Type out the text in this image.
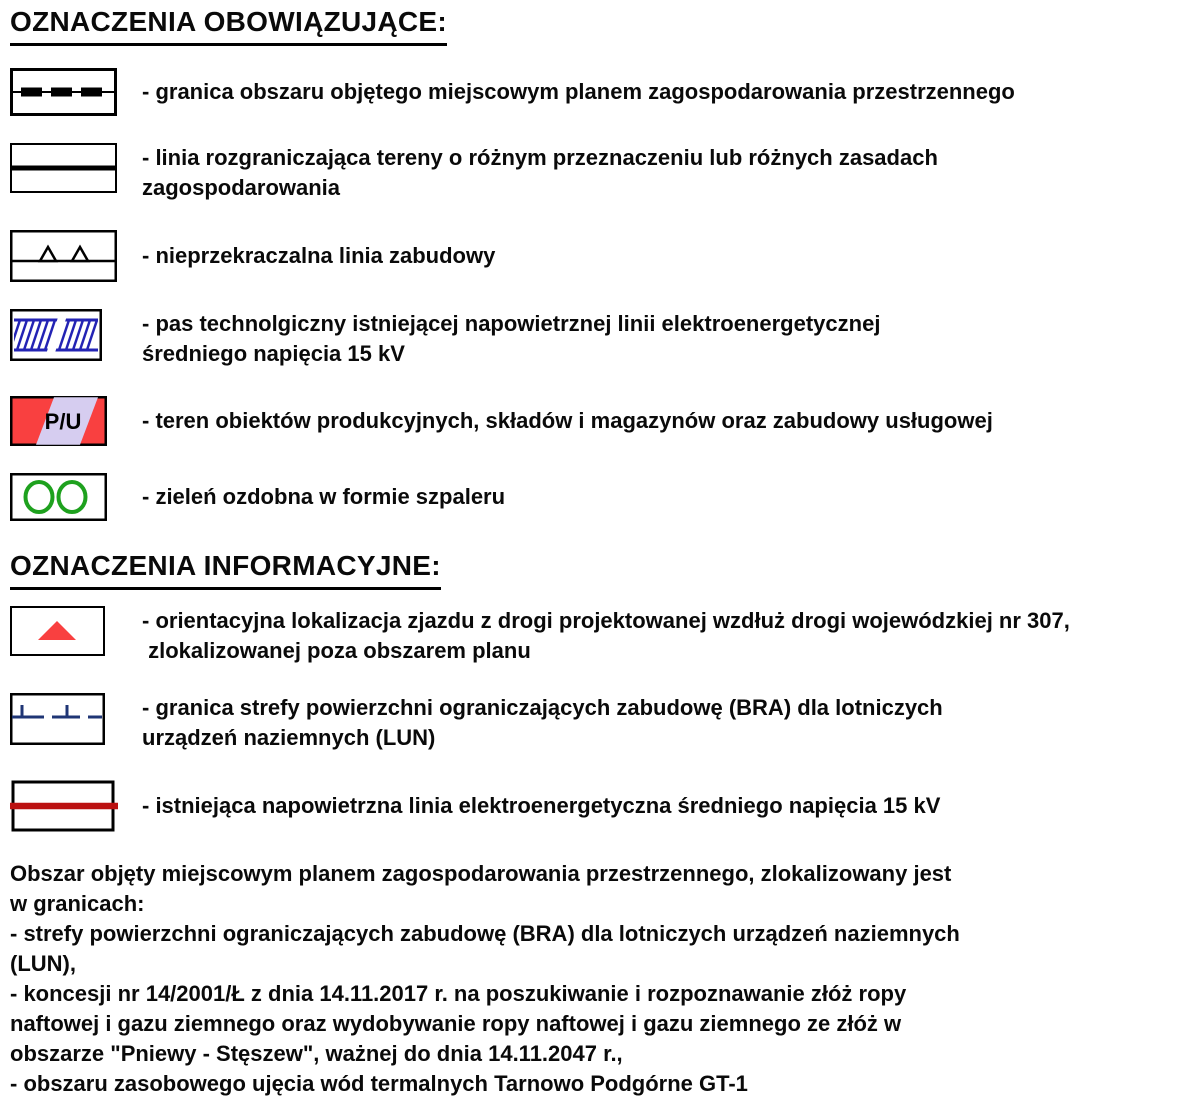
OZNACZENIA OBOWIĄZUJĄCE:
- granica obszaru objętego miejscowym planem zagospodarowania przestrzennego
- linia rozgraniczająca tereny o różnym przeznaczeniu lub różnych zasadach
zagospodarowania
- nieprzekraczalna linia zabudowy
- pas technolgiczny istniejącej napowietrznej linii elektroenergetycznej
średniego napięcia 15 kV
P/U	- teren obiektów produkcyjnych, składów i magazynów oraz zabudowy usługowej
- zieleń ozdobna w formie szpaleru
OZNACZENIA INFORMACYJNE:
- orientacyjna lokalizacja zjazdu z drogi projektowanej wzdłuż drogi wojewódzkiej nr 307,
zlokalizowanej poza obszarem planu
- granica strefy powierzchni ograniczających zabudowę (BRA) dla lotniczych
urządzeń naziemnych (LUN)
- istniejąca napowietrzna linia elektroenergetyczna średniego napięcia 15 kV
Obszar objęty miejscowym planem zagospodarowania przestrzennego, zlokalizowany jest
w granicach:
- strefy powierzchni ograniczających zabudowę (BRA) dla lotniczych urządzeń naziemnych
(LUN),
- koncesji nr 14/2001/Ł z dnia 14.11.2017 r. na poszukiwanie i rozpoznawanie złóż ropy
naftowej i gazu ziemnego oraz wydobywanie ropy naftowej i gazu ziemnego ze złóż w
obszarze "Pniewy - Stęszew", ważnej do dnia 14.11.2047 r.,
- obszaru zasobowego ujęcia wód termalnych Tarnowo Podgórne GT-1
